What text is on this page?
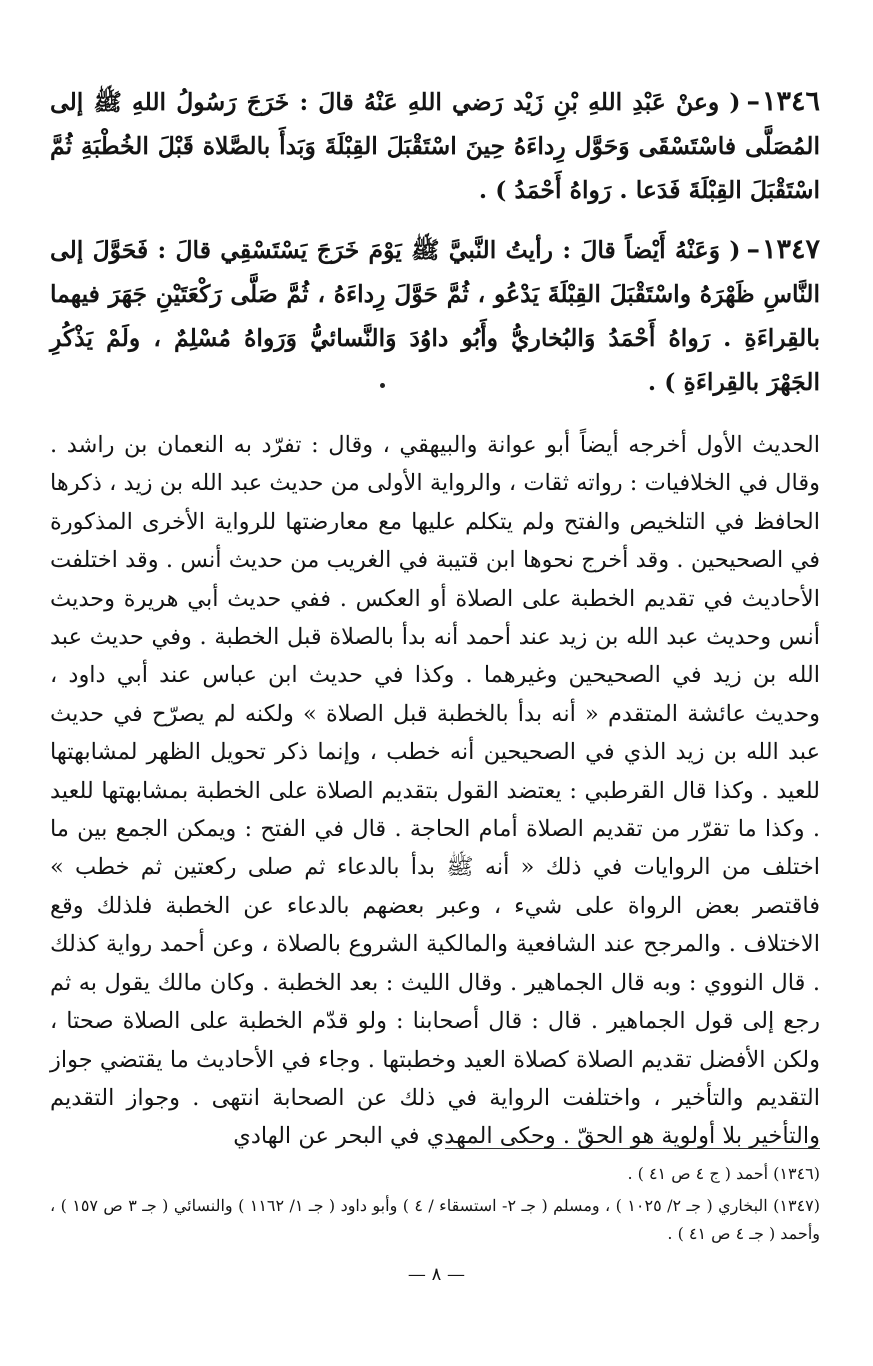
١٣٤٦ –( وعنْ عَبْدِ اللهِ بْنِ زَيْد رَضي اللهِ عَنْهُ قالَ : خَرَجَ رَسُولُ اللهِ ﷺ إلى المُصَلَّى فاسْتَسْقَى وَحَوَّل رِداءَهُ حِينَ اسْتَقْبَلَ القِبْلَةَ وَبَدأَ بالصَّلاة قَبْلَ الخُطْبَةِ ثُمَّ اسْتَقْبَلَ القِبْلَةَ فَدَعا . رَواهُ أَحْمَدُ ) .

١٣٤٧ –( وَعَنْهُ أَيْضاً قالَ : رأيتُ النَّبيَّ ﷺ يَوْمَ خَرَجَ يَسْتَسْقِي قالَ : فَحَوَّلَ إلى النَّاسِ ظَهْرَهُ واسْتَقْبَلَ القِبْلَةَ يَدْعُو ، ثُمَّ حَوَّلَ رِداءَهُ ، ثُمَّ صَلَّى رَكْعَتَيْنِ جَهَرَ فيهما بالقِراءَةِ . رَواهُ أَحْمَدُ وَالبُخاريُّ وأَبُو داوُدَ وَالنَّسائيُّ وَرَواهُ مُسْلِمٌ ، ولَمْ يَذْكُرِ الجَهْرَ بالقِراءَةِ ) .

الحديث الأول أخرجه أيضاً أبو عوانة والبيهقي ، وقال : تفرّد به النعمان بن راشد . وقال في الخلافيات : رواته ثقات ، والرواية الأولى من حديث عبد الله بن زيد ، ذكرها الحافظ في التلخيص والفتح ولم يتكلم عليها مع معارضتها للرواية الأخرى المذكورة في الصحيحين . وقد أخرج نحوها ابن قتيبة في الغريب من حديث أنس . وقد اختلفت الأحاديث في تقديم الخطبة على الصلاة أو العكس . ففي حديث أبي هريرة وحديث أنس وحديث عبد الله بن زيد عند أحمد أنه بدأ بالصلاة قبل الخطبة . وفي حديث عبد الله بن زيد في الصحيحين وغيرهما . وكذا في حديث ابن عباس عند أبي داود ، وحديث عائشة المتقدم « أنه بدأ بالخطبة قبل الصلاة » ولكنه لم يصرّح في حديث عبد الله بن زيد الذي في الصحيحين أنه خطب ، وإنما ذكر تحويل الظهر لمشابهتها للعيد . وكذا قال القرطبي : يعتضد القول بتقديم الصلاة على الخطبة بمشابهتها للعيد . وكذا ما تقرّر من تقديم الصلاة أمام الحاجة . قال في الفتح : ويمكن الجمع بين ما اختلف من الروايات في ذلك « أنه ﷺ بدأ بالدعاء ثم صلى ركعتين ثم خطب » فاقتصر بعض الرواة على شيء ، وعبر بعضهم بالدعاء عن الخطبة فلذلك وقع الاختلاف . والمرجح عند الشافعية والمالكية الشروع بالصلاة ، وعن أحمد رواية كذلك . قال النووي : وبه قال الجماهير . وقال الليث : بعد الخطبة . وكان مالك يقول به ثم رجع إلى قول الجماهير . قال : قال أصحابنا : ولو قدّم الخطبة على الصلاة صحتا ، ولكن الأفضل تقديم الصلاة كصلاة العيد وخطبتها . وجاء في الأحاديث ما يقتضي جواز التقديم والتأخير ، واختلفت الرواية في ذلك عن الصحابة انتهى . وجواز التقديم والتأخير بلا أولوية هو الحقّ . وحكى المهدي في البحر عن الهادي

(١٣٤٦) أحمد ( ج ٤ ص ٤١ ) .

(١٣٤٧) البخاري ( جـ ٢/ ١٠٢٥ ) ، ومسلم ( جـ ٢- استسقاء / ٤ ) وأبو داود ( جـ ١/ ١١٦٢ ) والنسائي ( جـ ٣ ص ١٥٧ ) ، وأحمد ( جـ ٤ ص ٤١ ) .

— ٨ —
